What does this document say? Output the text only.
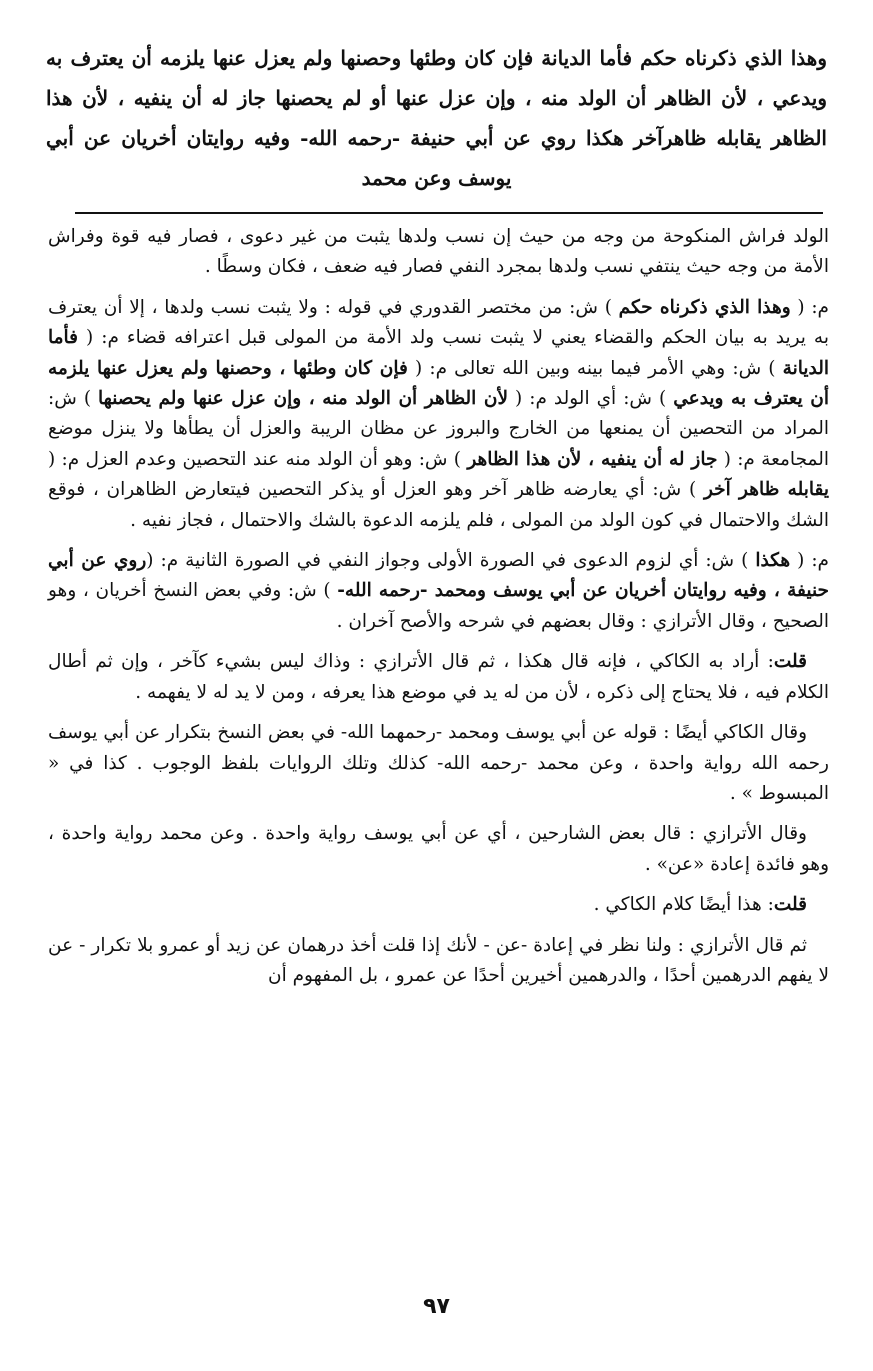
وهذا الذي ذكرناه حكم فأما الديانة فإن كان وطئها وحصنها ولم يعزل عنها يلزمه أن يعترف به ويدعي ، لأن الظاهر أن الولد منه ، وإن عزل عنها أو لم يحصنها جاز له أن ينفيه ، لأن هذا الظاهر يقابله ظاهرآخر هكذا روي عن أبي حنيفة -رحمه الله- وفيه روايتان أخريان عن أبي يوسف وعن محمد

الولد فراش المنكوحة من وجه من حيث إن نسب ولدها يثبت من غير دعوى ، فصار فيه قوة وفراش الأمة من وجه حيث ينتفي نسب ولدها بمجرد النفي فصار فيه ضعف ، فكان وسطًا .

م: ( وهذا الذي ذكرناه حكم ) ش: من مختصر القدوري في قوله : ولا يثبت نسب ولدها ، إلا أن يعترف به يريد به بيان الحكم والقضاء يعني لا يثبت نسب ولد الأمة من المولى قبل اعترافه قضاء م: ( فأما الديانة ) ش: وهي الأمر فيما بينه وبين الله تعالى م: ( فإن كان وطئها ، وحصنها ولم يعزل عنها يلزمه أن يعترف به ويدعي ) ش: أي الولد م: ( لأن الظاهر أن الولد منه ، وإن عزل عنها ولم يحصنها ) ش: المراد من التحصين أن يمنعها من الخارج والبروز عن مظان الريبة والعزل أن يطأها ولا ينزل موضع المجامعة م: ( جاز له أن ينفيه ، لأن هذا الظاهر ) ش: وهو أن الولد منه عند التحصين وعدم العزل م: ( يقابله ظاهر آخر ) ش: أي يعارضه ظاهر آخر وهو العزل أو يذكر التحصين فيتعارض الظاهران ، فوقع الشك والاحتمال في كون الولد من المولى ، فلم يلزمه الدعوة بالشك والاحتمال ، فجاز نفيه .

م: ( هكذا ) ش: أي لزوم الدعوى في الصورة الأولى وجواز النفي في الصورة الثانية م: (روي عن أبي حنيفة ، وفيه روايتان أخريان عن أبي يوسف ومحمد -رحمه الله- ) ش: وفي بعض النسخ أخريان ، وهو الصحيح ، وقال الأترازي : وقال بعضهم في شرحه والأصح آخران .

قلت: أراد به الكاكي ، فإنه قال هكذا ، ثم قال الأترازي : وذاك ليس بشيء كآخر ، وإن ثم أطال الكلام فيه ، فلا يحتاج إلى ذكره ، لأن من له يد في موضع هذا يعرفه ، ومن لا يد له لا يفهمه .

وقال الكاكي أيضًا : قوله عن أبي يوسف ومحمد -رحمهما الله- في بعض النسخ بتكرار عن أبي يوسف رحمه الله رواية واحدة ، وعن محمد -رحمه الله- كذلك وتلك الروايات بلفظ الوجوب . كذا في « المبسوط » .

وقال الأترازي : قال بعض الشارحين ، أي عن أبي يوسف رواية واحدة . وعن محمد رواية واحدة ، وهو فائدة إعادة «عن» .

قلت: هذا أيضًا كلام الكاكي .

ثم قال الأترازي : ولنا نظر في إعادة -عن - لأنك إذا قلت أخذ درهمان عن زيد أو عمرو بلا تكرار - عن لا يفهم الدرهمين أحدًا ، والدرهمين أخيرين أحدًا عن عمرو ، بل المفهوم أن

٩٧
